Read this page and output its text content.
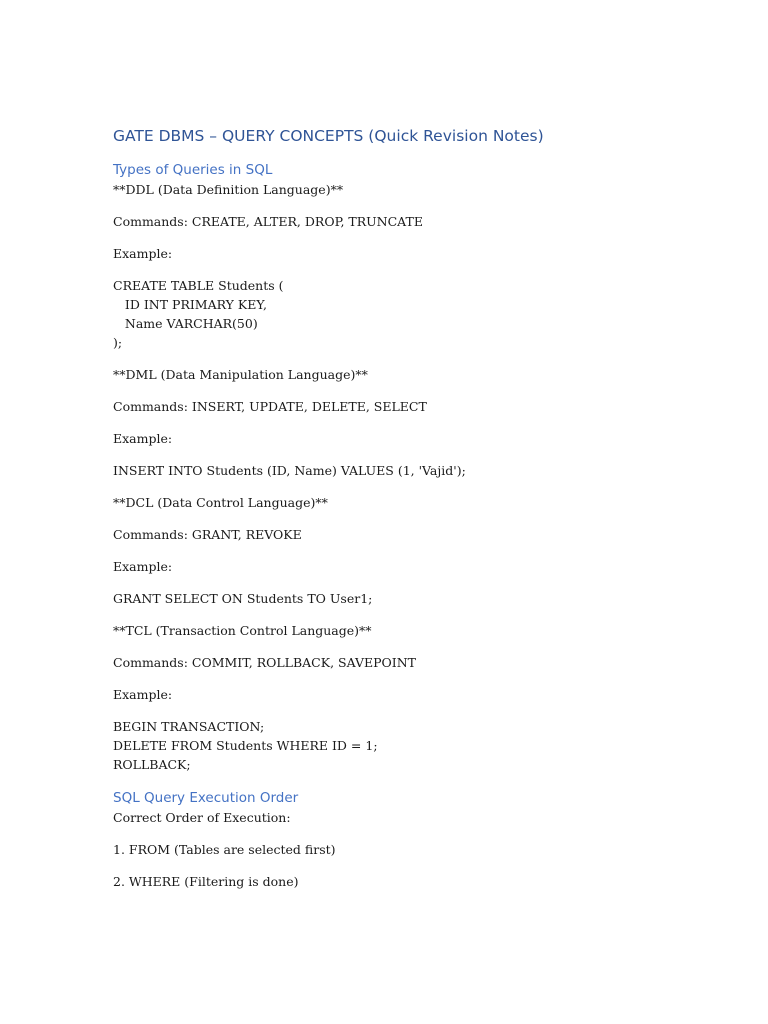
GATE DBMS – QUERY CONCEPTS (Quick Revision Notes)
Types of Queries in SQL
**DDL (Data Definition Language)**
Commands: CREATE, ALTER, DROP, TRUNCATE
Example:
CREATE TABLE Students (
ID INT PRIMARY KEY,
Name VARCHAR(50)
);
**DML (Data Manipulation Language)**
Commands: INSERT, UPDATE, DELETE, SELECT
Example:
INSERT INTO Students (ID, Name) VALUES (1, 'Vajid');
**DCL (Data Control Language)**
Commands: GRANT, REVOKE
Example:
GRANT SELECT ON Students TO User1;
**TCL (Transaction Control Language)**
Commands: COMMIT, ROLLBACK, SAVEPOINT
Example:
BEGIN TRANSACTION;
DELETE FROM Students WHERE ID = 1;
ROLLBACK;
SQL Query Execution Order
Correct Order of Execution:
1. FROM (Tables are selected first)
2. WHERE (Filtering is done)
